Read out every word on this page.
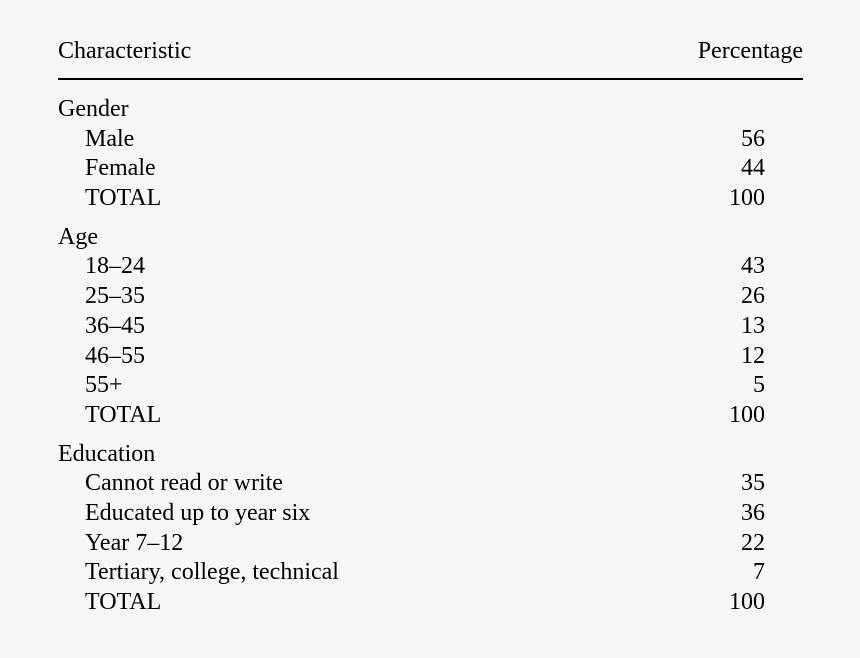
Characteristic	Percentage
Gender
Male	56
Female	44
TOTAL	100
Age
18–24	43
25–35	26
36–45	13
46–55	12
55+	5
TOTAL	100
Education
Cannot read or write	35
Educated up to year six	36
Year 7–12	22
Tertiary, college, technical	7
TOTAL	100
